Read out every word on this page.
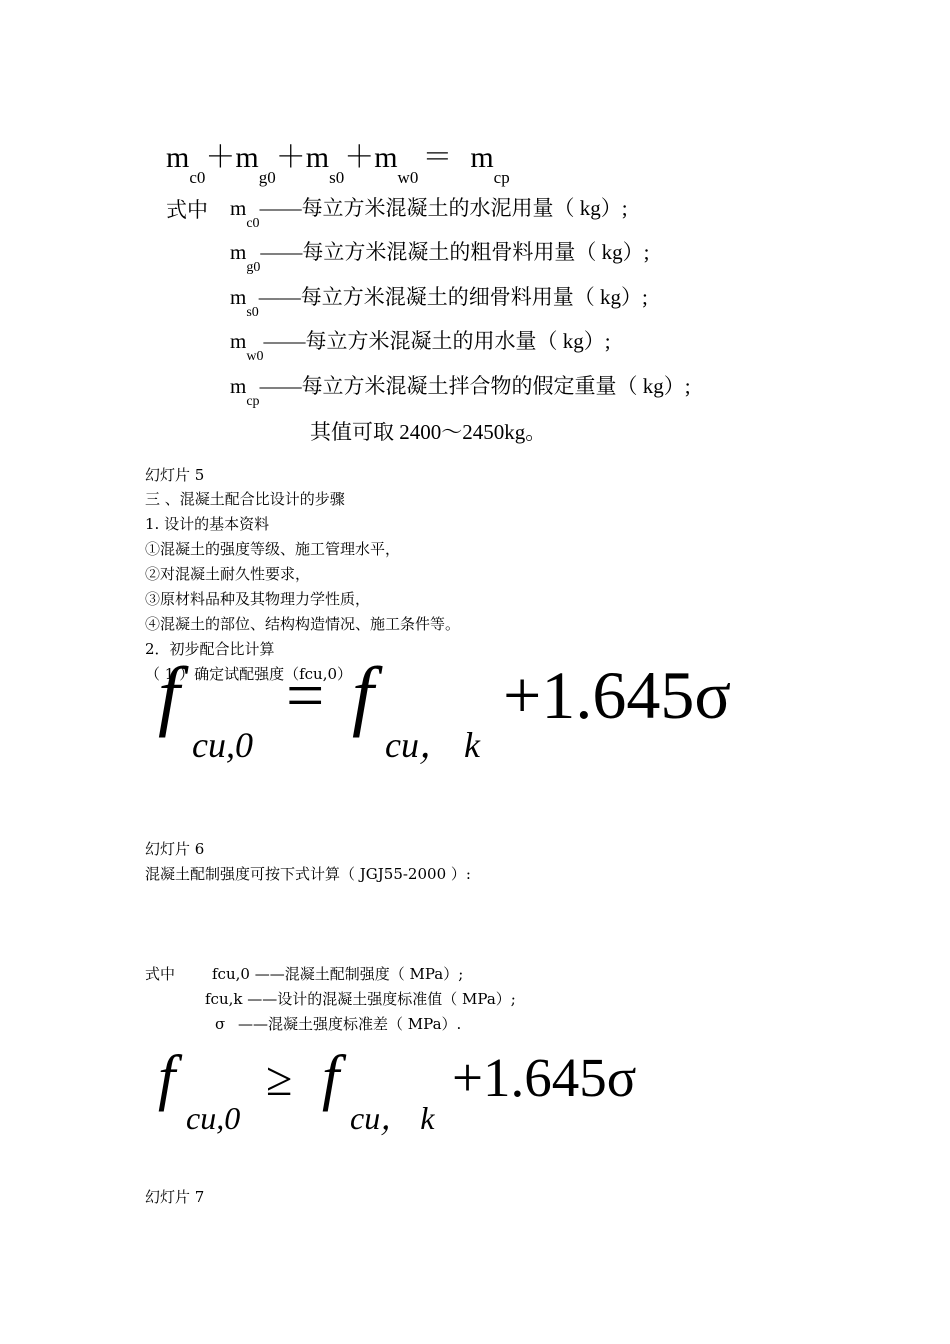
$m_{c0}+m_{g0}+m_{s0}+m_{w0}= m_{cp}$
式中 $m_{c0}——$每立方米混凝土的水泥用量（ kg）;
$m_{g0}——$每立方米混凝土的粗骨料用量（ kg）;
$m_{s0}——$每立方米混凝土的细骨料用量（ kg）;
$m_{w0}——$每立方米混凝土的用水量（ kg）;
$m_{cp}——$每立方米混凝土拌合物的假定重量（ kg）;
其值可取 2400～2450kg。
幻灯片 5
三 、混凝土配合比设计的步骤
1. 设计的基本资料
①混凝土的强度等级、施工管理水平，
②对混凝土耐久性要求，
③原材料品种及其物理力学性质，
④混凝土的部位、结构构造情况、施工条件等。
2．初步配合比计算
（ 1 ）确定试配强度（fcu,0）
f
cu,0
= f
cu， k
+1.645σ
幻灯片 6
混凝土配制强度可按下式计算（ JGJ55-2000 ）:
式中 fcu,0 ——混凝土配制强度（ MPa）;
fcu,k ——设计的混凝土强度标准值（ MPa）;
σ ——混凝土强度标准差（ MPa）.
f
cu,0
≥ f
cu， k
+1.645σ
幻灯片 7
